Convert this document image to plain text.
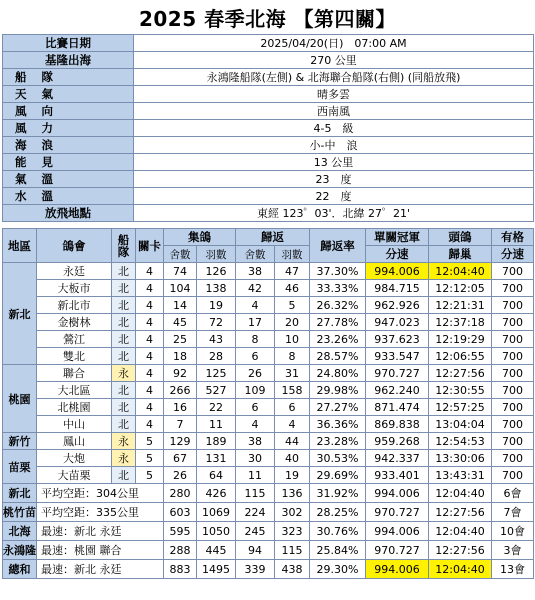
2025 春季北海 【第四關】
比賽日期	2025/04/20(日)　07:00 AM
基隆出海	270 公里
船隊	永鴻隆船隊(左側) & 北海聯合船隊(右側) (同船放飛)
天氣	晴多雲
風向	西南風
風力	4-5　級
海浪	小-中　浪
能見	13 公里
氣溫	23　度
水溫	22　度
放飛地點	東經 123゜03'．北緯 27゜21'
地區	鴿會	船
隊	關卡	集鴿		歸返		歸返率	單關冠軍	頭鴿	有格
				舍數	羽數	舍數	羽數		分速	歸巢	分速
新北	永廷	北	4	74	126	38	47	37.30%	994.006	12:04:40	700
	大板市	北	4	104	138	42	46	33.33%	984.715	12:12:05	700
	新北市	北	4	14	19	4	5	26.32%	962.926	12:21:31	700
	金樹林	北	4	45	72	17	20	27.78%	947.023	12:37:18	700
	鶯江	北	4	25	43	8	10	23.26%	937.623	12:19:29	700
	雙北	北	4	18	28	6	8	28.57%	933.547	12:06:55	700
桃園	聯合	永	4	92	125	26	31	24.80%	970.727	12:27:56	700
	大北區	北	4	266	527	109	158	29.98%	962.240	12:30:55	700
	北桃園	北	4	16	22	6	6	27.27%	871.474	12:57:25	700
	中山	北	4	7	11	4	4	36.36%	869.838	13:04:04	700
新竹	鳳山	永	5	129	189	38	44	23.28%	959.268	12:54:53	700
苗栗	大炮	永	5	67	131	30	40	30.53%	942.337	13:30:06	700
	大苗栗	北	5	26	64	11	19	29.69%	933.401	13:43:31	700
新北	平均空距：304公里			280	426	115	136	31.92%	994.006	12:04:40	6會
桃竹苗	平均空距：335公里			603	1069	224	302	28.25%	970.727	12:27:56	7會
北海	最速：新北 永廷			595	1050	245	323	30.76%	994.006	12:04:40	10會
永鴻隆	最速：桃園 聯合			288	445	94	115	25.84%	970.727	12:27:56	3會
總和	最速：新北 永廷			883	1495	339	438	29.30%	994.006	12:04:40	13會
